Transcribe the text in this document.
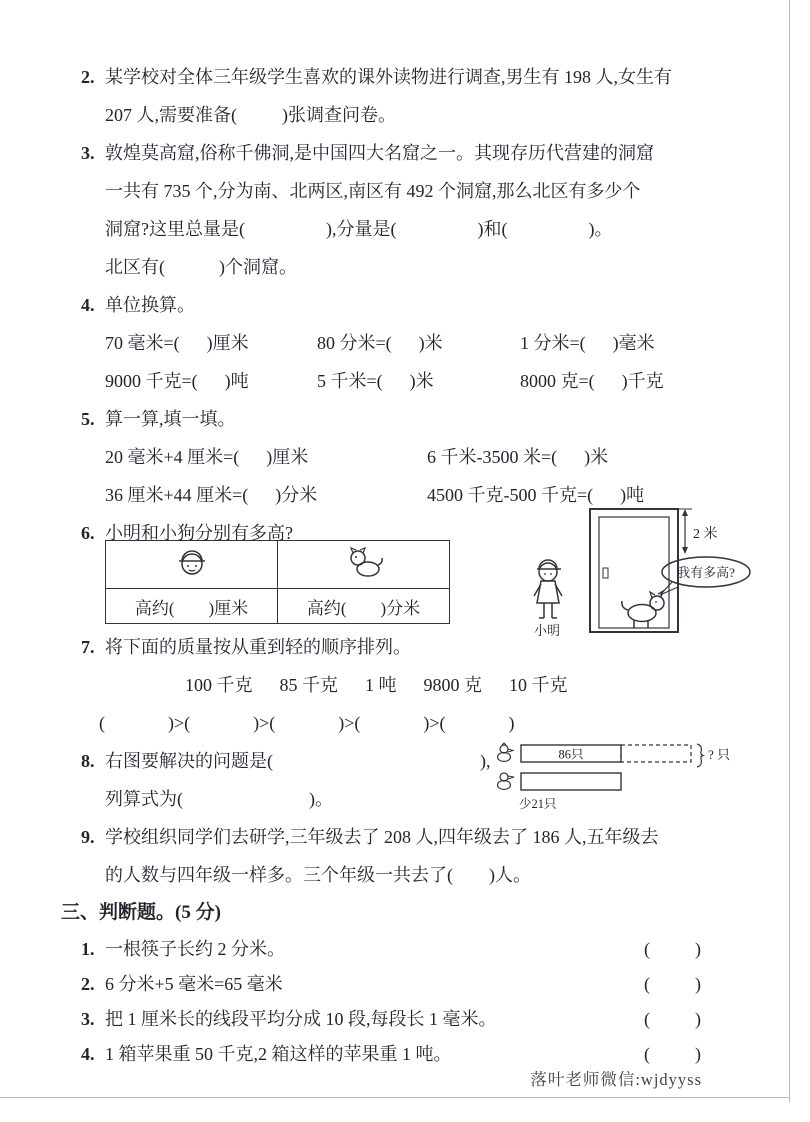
2. 某学校对全体三年级学生喜欢的课外读物进行调查,男生有 198 人,女生有
207 人,需要准备(          )张调查问卷。
3. 敦煌莫高窟,俗称千佛洞,是中国四大名窟之一。其现存历代营建的洞窟
一共有 735 个,分为南、北两区,南区有 492 个洞窟,那么北区有多少个
洞窟?这里总量是(                  ),分量是(                  )和(                  )。
北区有(            )个洞窟。
4. 单位换算。
70 毫米=(      )厘米	80 分米=(      )米	1 分米=(      )毫米
9000 千克=(      )吨	5 千米=(      )米	8000 克=(      )千克
5. 算一算,填一填。
20 毫米+4 厘米=(      )厘米	6 千米-3500 米=(      )米
36 厘米+44 厘米=(      )分米	4500 千克-500 千克=(      )吨
6. 小明和小狗分别有多高?

高约(        )厘米	高约(        )分米
2 米
我有多高?
小明
7. 将下面的质量按从重到轻的顺序排列。
100 千克      85 千克      1 吨      9800 克      10 千克
(              )>(              )>(              )>(              )>(              )
8. 右图要解决的问题是(                                              ),
列算式为(                            )。
86只	? 只
少21只
9. 学校组织同学们去研学,三年级去了 208 人,四年级去了 186 人,五年级去
的人数与四年级一样多。三个年级一共去了(        )人。
三、判断题。(5 分)
1. 一根筷子长约 2 分米。	(          )
2. 6 分米+5 毫米=65 毫米	(          )
3. 把 1 厘米长的线段平均分成 10 段,每段长 1 毫米。	(          )
4. 1 箱苹果重 50 千克,2 箱这样的苹果重 1 吨。	(          )
落叶老师微信:wjdyyss
